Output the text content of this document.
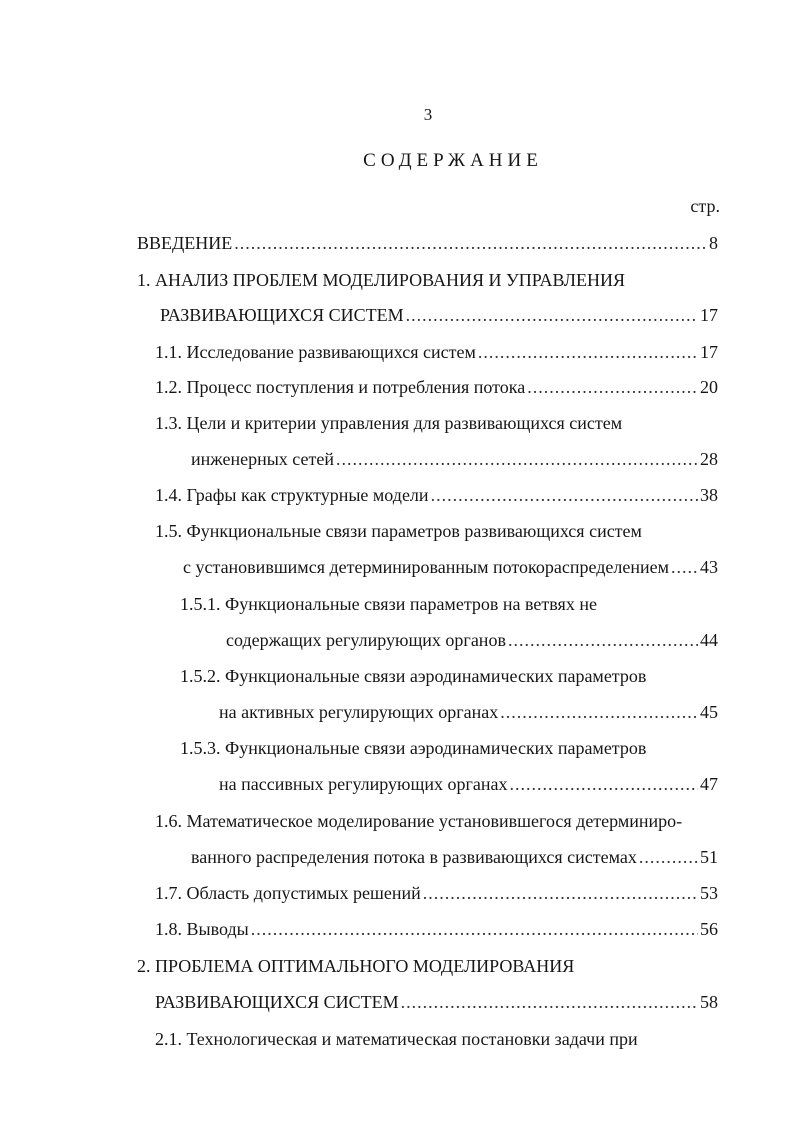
3
СОДЕРЖАНИЕ
стр.
ВВЕДЕНИЕ .....	8
1. АНАЛИЗ ПРОБЛЕМ МОДЕЛИРОВАНИЯ И УПРАВЛЕНИЯ
РАЗВИВАЮЩИХСЯ СИСТЕМ .....	17
1.1. Исследование развивающихся систем .....	17
1.2. Процесс поступления и потребления потока .....	20
1.3. Цели и критерии управления для развивающихся систем
инженерных сетей .....	28
1.4. Графы как структурные модели .....	38
1.5. Функциональные связи параметров развивающихся систем
с установившимся детерминированным потокораспределением ..... 43
1.5.1. Функциональные связи параметров на ветвях не
содержащих регулирующих органов .....	44
1.5.2. Функциональные связи аэродинамических параметров
на активных регулирующих органах .....	45
1.5.3. Функциональные связи аэродинамических параметров
на пассивных регулирующих органах .....	47
1.6. Математическое моделирование установившегося детерминиро-
ванного распределения потока в развивающихся системах .....	51
1.7. Область допустимых решений .....	53
1.8. Выводы .....	56
2. ПРОБЛЕМА ОПТИМАЛЬНОГО МОДЕЛИРОВАНИЯ
РАЗВИВАЮЩИХСЯ СИСТЕМ .....	58
2.1. Технологическая и математическая постановки задачи при
